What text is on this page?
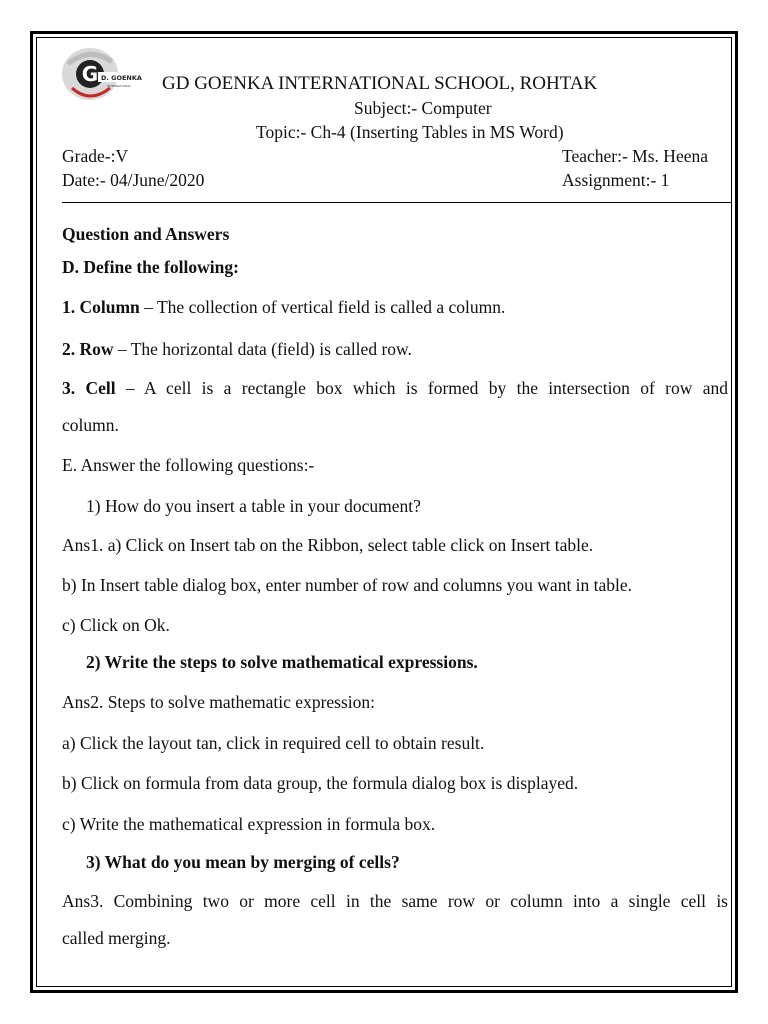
G D. GOENKA
INTERNATIONAL GD GOENKA INTERNATIONAL SCHOOL, ROHTAK
Subject:- Computer
Topic:- Ch-4 (Inserting Tables in MS Word)
Grade-:V	Teacher:- Ms. Heena
Date:- 04/June/2020	Assignment:- 1
Question and Answers
D. Define the following:
1. Column – The collection of vertical field is called a column.
2. Row – The horizontal data (field) is called row.
3. Cell – A cell is a rectangle box which is formed by the intersection of row and
column.
E. Answer the following questions:-
1) How do you insert a table in your document?
Ans1. a) Click on Insert tab on the Ribbon, select table click on Insert table.
b) In Insert table dialog box, enter number of row and columns you want in table.
c) Click on Ok.
2) Write the steps to solve mathematical expressions.
Ans2. Steps to solve mathematic expression:
a) Click the layout tan, click in required cell to obtain result.
b) Click on formula from data group, the formula dialog box is displayed.
c) Write the mathematical expression in formula box.
3) What do you mean by merging of cells?
Ans3. Combining two or more cell in the same row or column into a single cell is
called merging.
